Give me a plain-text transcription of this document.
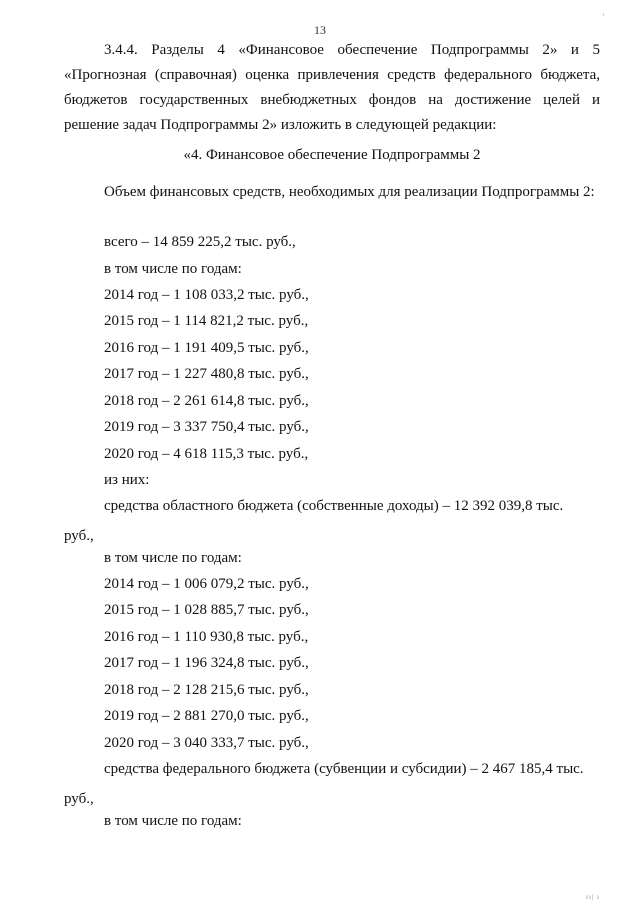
13
'
3.4.4. Разделы 4 «Финансовое обеспечение Подпрограммы 2» и 5 «Прогнозная (справочная) оценка привлечения средств федерального бюджета, бюджетов государственных внебюджетных фондов на достижение целей и решение задач Подпрограммы 2» изложить в следующей редакции:
«4. Финансовое обеспечение Подпрограммы 2
Объем финансовых средств, необходимых для реализации Подпрограммы 2:
всего – 14 859 225,2 тыс. руб.,
в том числе по годам:
2014 год – 1 108 033,2 тыс. руб.,
2015 год – 1 114 821,2 тыс. руб.,
2016 год – 1 191 409,5 тыс. руб.,
2017 год – 1 227 480,8 тыс. руб.,
2018 год – 2 261 614,8 тыс. руб.,
2019 год – 3 337 750,4 тыс. руб.,
2020 год – 4 618 115,3 тыс. руб.,
из них:
средства областного бюджета (собственные доходы) – 12 392 039,8 тыс.
руб.,
в том числе по годам:
2014 год – 1 006 079,2 тыс. руб.,
2015 год – 1 028 885,7 тыс. руб.,
2016 год – 1 110 930,8 тыс. руб.,
2017 год – 1 196 324,8 тыс. руб.,
2018 год – 2 128 215,6 тыс. руб.,
2019 год – 2 881 270,0 тыс. руб.,
2020 год – 3 040 333,7 тыс. руб.,
средства федерального бюджета (субвенции и субсидии) – 2 467 185,4 тыс.
руб.,
в том числе по годам:
ıı| ı
